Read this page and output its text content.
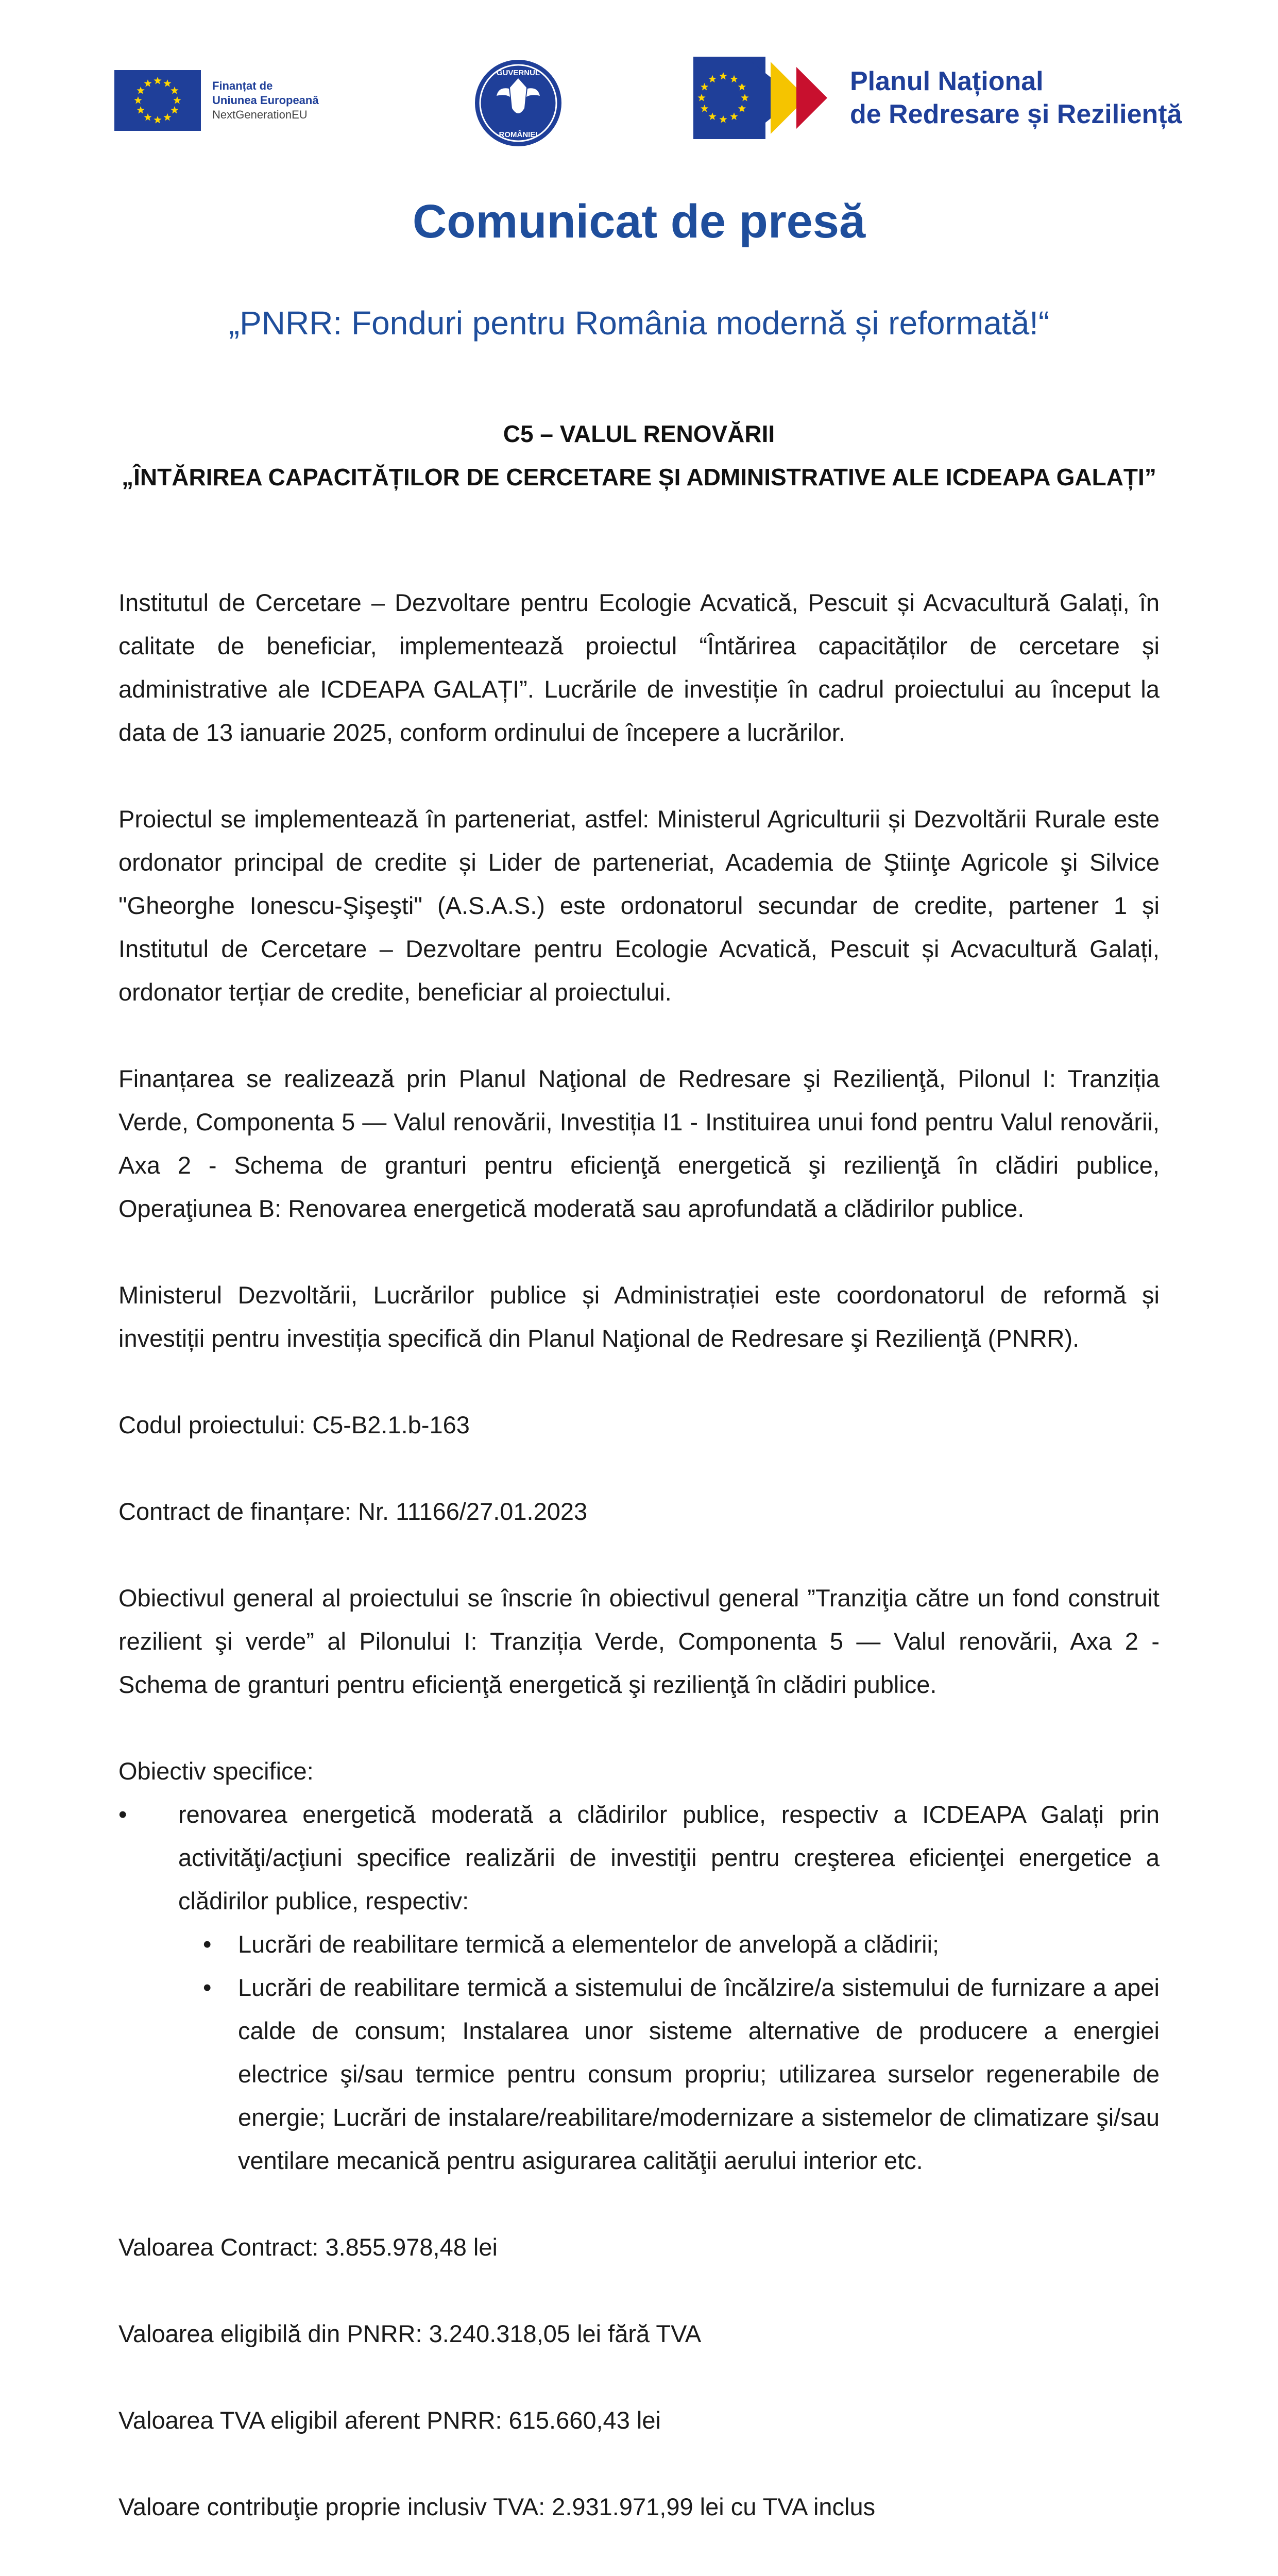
Finanțat de
Uniunea Europeană
NextGenerationEU
GUVERNUL
ROMÂNIEI
Planul Național
de Redresare și Reziliență
Comunicat de presă
„PNRR: Fonduri pentru România modernă și reformată!“
C5 – VALUL RENOVĂRII
„ÎNTĂRIREA CAPACITĂȚILOR DE CERCETARE ȘI ADMINISTRATIVE ALE ICDEAPA GALAȚI”

Institutul de Cercetare – Dezvoltare pentru Ecologie Acvatică, Pescuit și Acvacultură Galați, în calitate de beneficiar, implementează proiectul “Întărirea capacităților de cercetare și administrative ale ICDEAPA GALAȚI”. Lucrările de investiție în cadrul proiectului au început la data de 13 ianuarie 2025, conform ordinului de începere a lucrărilor.

Proiectul se implementează în parteneriat, astfel: Ministerul Agriculturii și Dezvoltării Rurale este ordonator principal de credite și Lider de parteneriat, Academia de Ştiinţe Agricole şi Silvice "Gheorghe Ionescu-Şişeşti" (A.S.A.S.) este ordonatorul secundar de credite, partener 1 și Institutul de Cercetare – Dezvoltare pentru Ecologie Acvatică, Pescuit și Acvacultură Galați, ordonator terțiar de credite, beneficiar al proiectului.

Finanțarea se realizează prin Planul Naţional de Redresare şi Rezilienţă, Pilonul I: Tranziția Verde, Componenta 5 — Valul renovării, Investiția I1 - Instituirea unui fond pentru Valul renovării, Axa 2 - Schema de granturi pentru eficienţă energetică şi rezilienţă în clădiri publice, Operaţiunea B: Renovarea energetică moderată sau aprofundată a clădirilor publice.

Ministerul Dezvoltării, Lucrărilor publice și Administrației este coordonatorul de reformă și investiții pentru investiția specifică din Planul Naţional de Redresare şi Rezilienţă (PNRR).

Codul proiectului: C5-B2.1.b-163

Contract de finanțare: Nr. 11166/27.01.2023

Obiectivul general al proiectului se înscrie în obiectivul general ”Tranziţia către un fond construit rezilient şi verde” al Pilonului I: Tranziția Verde, Componenta 5 — Valul renovării, Axa 2 - Schema de granturi pentru eficienţă energetică şi rezilienţă în clădiri publice.

Obiectiv specifice:
• renovarea energetică moderată a clădirilor publice, respectiv a ICDEAPA Galați prin activităţi/acţiuni specifice realizării de investiţii pentru creşterea eficienţei energetice a clădirilor publice, respectiv:
• Lucrări de reabilitare termică a elementelor de anvelopă a clădirii;
• Lucrări de reabilitare termică a sistemului de încălzire/a sistemului de furnizare a apei calde de consum; Instalarea unor sisteme alternative de producere a energiei electrice şi/sau termice pentru consum propriu; utilizarea surselor regenerabile de energie; Lucrări de instalare/reabilitare/modernizare a sistemelor de climatizare şi/sau ventilare mecanică pentru asigurarea calităţii aerului interior etc.

Valoarea Contract: 3.855.978,48 lei

Valoarea eligibilă din PNRR: 3.240.318,05 lei fără TVA

Valoarea TVA eligibil aferent PNRR: 615.660,43 lei

Valoare contribuţie proprie inclusiv TVA: 2.931.971,99 lei cu TVA inclus
